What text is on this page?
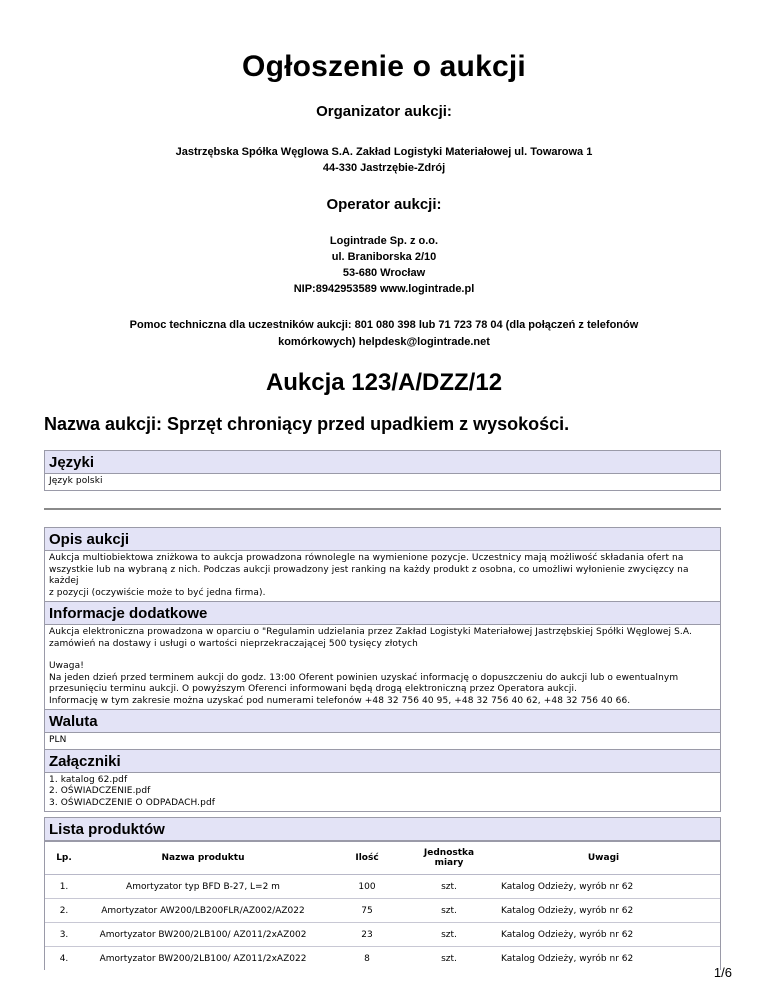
Ogłoszenie o aukcji
Organizator aukcji:
Jastrzębska Spółka Węglowa S.A. Zakład Logistyki Materiałowej ul. Towarowa 1
44-330 Jastrzębie-Zdrój
Operator aukcji:
Logintrade Sp. z o.o.
ul. Braniborska 2/10
53-680 Wrocław
NIP:8942953589 www.logintrade.pl
Pomoc techniczna dla uczestników aukcji: 801 080 398 lub 71 723 78 04 (dla połączeń z telefonów
komórkowych) helpdesk@logintrade.net
Aukcja 123/A/DZZ/12
Nazwa aukcji: Sprzęt chroniący przed upadkiem z wysokości.
Języki
Język polski
Opis aukcji
Aukcja multiobiektowa zniżkowa to aukcja prowadzona równolegle na wymienione pozycje. Uczestnicy mają możliwość składania ofert na
wszystkie lub na wybraną z nich. Podczas aukcji prowadzony jest ranking na każdy produkt z osobna, co umożliwi wyłonienie zwycięzcy na każdej
z pozycji (oczywiście może to być jedna firma).
Informacje dodatkowe
Aukcja elektroniczna prowadzona w oparciu o "Regulamin udzielania przez Zakład Logistyki Materiałowej Jastrzębskiej Spółki Węglowej S.A.
zamówień na dostawy i usługi o wartości nieprzekraczającej 500 tysięcy złotych
Uwaga!
Na jeden dzień przed terminem aukcji do godz. 13:00 Oferent powinien uzyskać informację o dopuszczeniu do aukcji lub o ewentualnym
przesunięciu terminu aukcji. O powyższym Oferenci informowani będą drogą elektroniczną przez Operatora aukcji.
Informację w tym zakresie można uzyskać pod numerami telefonów +48 32 756 40 95, +48 32 756 40 62, +48 32 756 40 66.
Waluta
PLN
Załączniki
1. katalog 62.pdf
2. OŚWIADCZENIE.pdf
3. OŚWIADCZENIE O ODPADACH.pdf
Lista produktów
Lp.	Nazwa produktu	Ilość	Jednostka
miary	Uwagi
1.	Amortyzator typ BFD B-27, L=2 m	100	szt.	Katalog Odzieży, wyrób nr 62
2.	Amortyzator AW200/LB200FLR/AZ002/AZ022	75	szt.	Katalog Odzieży, wyrób nr 62
3.	Amortyzator BW200/2LB100/ AZ011/2xAZ002	23	szt.	Katalog Odzieży, wyrób nr 62
4.	Amortyzator BW200/2LB100/ AZ011/2xAZ022	8	szt.	Katalog Odzieży, wyrób nr 62
1/6
